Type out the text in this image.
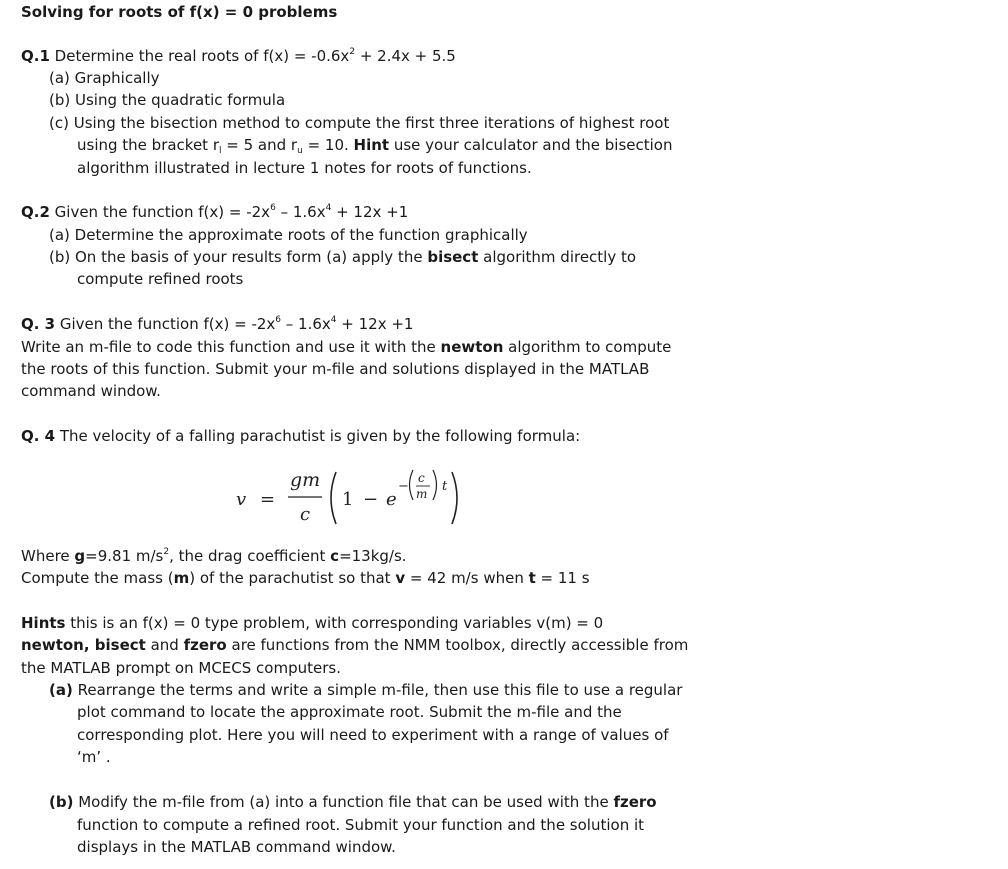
Solving for roots of f(x) = 0 problems
Q.1 Determine the real roots of $f(x) = -0.6x^2 + 2.4x + 5.5$
(a) Graphically
(b) Using the quadratic formula
(c) Using the bisection method to compute the first three iterations of highest root
using the bracket $r_l = 5$ and $r_u = 10$. Hint use your calculator and the bisection
algorithm illustrated in lecture 1 notes for roots of functions.
Q.2 Given the function $f(x) = -2x^6 - 1.6x^4 + 12x +1$
(a) Determine the approximate roots of the function graphically
(b) On the basis of your results form (a) apply the bisect algorithm directly to
compute refined roots
Q. 3 Given the function $f(x) = -2x^6 - 1.6x^4 + 12x +1$
Write an m-file to code this function and use it with the newton algorithm to compute
the roots of this function. Submit your m-file and solutions displayed in the MATLAB
command window.
Q. 4 The velocity of a falling parachutist is given by the following formula:
v =
gm
c
1 − e
−
c
m t
Where g=9.81 $m/s^2$, the drag coefficient c=13kg/s.
Compute the mass (m) of the parachutist so that v = 42 m/s when t = 11 s
Hints this is an f(x) = 0 type problem, with corresponding variables v(m) = 0
newton, bisect and fzero are functions from the NMM toolbox, directly accessible from
the MATLAB prompt on MCECS computers.
(a) Rearrange the terms and write a simple m-file, then use this file to use a regular
plot command to locate the approximate root. Submit the m-file and the
corresponding plot. Here you will need to experiment with a range of values of
‘m’ .
(b) Modify the m-file from (a) into a function file that can be used with the fzero
function to compute a refined root. Submit your function and the solution it
displays in the MATLAB command window.
